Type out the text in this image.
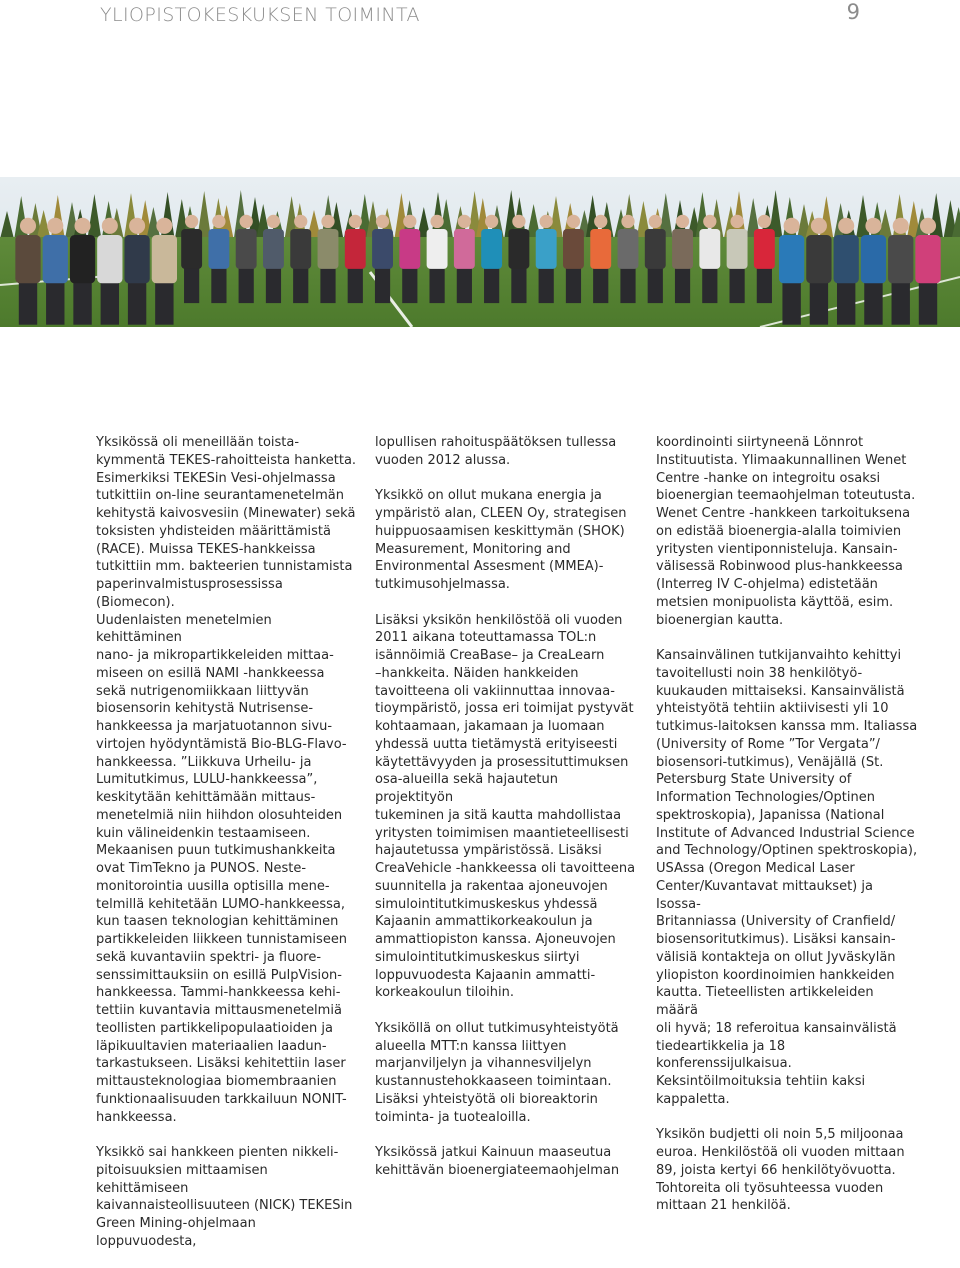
YLIOPISTOKESKUKSEN TOIMINTA	9

Yksikössä oli meneillään toista-
kymmentä TEKES-rahoitteista hanketta.
Esimerkiksi TEKESin Vesi-ohjelmassa
tutkittiin on-line seurantamenetelmän
kehitystä kaivosvesiin (Minewater) sekä
toksisten yhdisteiden määrittämistä
(RACE). Muissa TEKES-hankkeissa
tutkittiin mm. bakteerien tunnistamista
paperinvalmistusprosessissa (Biomecon).
Uudenlaisten menetelmien kehittäminen
nano- ja mikropartikkeleiden mittaa-
miseen on esillä NAMI -hankkeessa
sekä nutrigenomiikkaan liittyvän
biosensorin kehitystä Nutrisense-
hankkeessa ja marjatuotannon sivu-
virtojen hyödyntämistä Bio-BLG-Flavo-
hankkeessa. ”Liikkuva Urheilu- ja
Lumitutkimus, LULU-hankkeessa”,
keskitytään kehittämään mittaus-
menetelmiä niin hiihdon olosuhteiden
kuin välineidenkin testaamiseen.
Mekaanisen puun tutkimushankkeita
ovat TimTekno ja PUNOS. Neste-
monitorointia uusilla optisilla mene-
telmillä kehitetään LUMO-hankkeessa,
kun taasen teknologian kehittäminen
partikkeleiden liikkeen tunnistamiseen
sekä kuvantaviin spektri- ja fluore-
senssimittauksiin on esillä PulpVision-
hankkeessa. Tammi-hankkeessa kehi-
tettiin kuvantavia mittausmenetelmiä
teollisten partikkelipopulaatioiden ja
läpikuultavien materiaalien laadun-
tarkastukseen. Lisäksi kehitettiin laser
mittausteknologiaa biomembraanien
funktionaalisuuden tarkkailuun NONIT-
hankkeessa.

Yksikkö sai hankkeen pienten nikkeli-
pitoisuuksien mittaamisen kehittämiseen
kaivannaisteollisuuteen (NICK) TEKESin
Green Mining-ohjelmaan loppuvuodesta,

lopullisen rahoituspäätöksen tullessa
vuoden 2012 alussa.

Yksikkö on ollut mukana energia ja
ympäristö alan, CLEEN Oy, strategisen
huippuosaamisen keskittymän (SHOK)
Measurement, Monitoring and
Environmental Assesment (MMEA)-
tutkimusohjelmassa.

Lisäksi yksikön henkilöstöä oli vuoden
2011 aikana toteuttamassa TOL:n
isännöimiä CreaBase– ja CreaLearn
–hankkeita. Näiden hankkeiden
tavoitteena oli vakiinnuttaa innovaa-
tioympäristö, jossa eri toimijat pystyvät
kohtaamaan, jakamaan ja luomaan
yhdessä uutta tietämystä erityiseesti
käytettävyyden ja prosessituttimuksen
osa-alueilla sekä hajautetun projektityön
tukeminen ja sitä kautta mahdollistaa
yritysten toimimisen maantieteellisesti
hajautetussa ympäristössä. Lisäksi
CreaVehicle -hankkeessa oli tavoitteena
suunnitella ja rakentaa ajoneuvojen
simulointitutkimuskeskus yhdessä
Kajaanin ammattikorkeakoulun ja
ammattiopiston kanssa. Ajoneuvojen
simulointitutkimuskeskus siirtyi
loppuvuodesta Kajaanin ammatti-
korkeakoulun tiloihin.

Yksiköllä on ollut tutkimusyhteistyötä
alueella MTT:n kanssa liittyen
marjanviljelyn ja vihannesviljelyn
kustannustehokkaaseen toimintaan.
Lisäksi yhteistyötä oli bioreaktorin
toiminta- ja tuotealoilla.

Yksikössä jatkui Kainuun maaseutua
kehittävän bioenergiateemaohjelman

koordinointi siirtyneenä Lönnrot
Instituutista. Ylimaakunnallinen Wenet
Centre -hanke on integroitu osaksi
bioenergian teemaohjelman toteutusta.
Wenet Centre -hankkeen tarkoituksena
on edistää bioenergia-alalla toimivien
yritysten vientiponnisteluja. Kansain-
välisessä Robinwood plus-hankkeessa
(Interreg IV C-ohjelma) edistetään
metsien monipuolista käyttöä, esim.
bioenergian kautta.

Kansainvälinen tutkijanvaihto kehittyi
tavoitellusti noin 38 henkilötyö-
kuukauden mittaiseksi. Kansainvälistä
yhteistyötä tehtiin aktiivisesti yli 10
tutkimus-laitoksen kanssa mm. Italiassa
(University of Rome ”Tor Vergata”/
biosensori-tutkimus), Venäjällä (St.
Petersburg State University of
Information Technologies/Optinen
spektroskopia), Japanissa (National
Institute of Advanced Industrial Science
and Technology/Optinen spektroskopia),
USAssa (Oregon Medical Laser
Center/Kuvantavat mittaukset) ja Isossa-
Britanniassa (University of Cranfield/
biosensoritutkimus). Lisäksi kansain-
välisiä kontakteja on ollut Jyväskylän
yliopiston koordinoimien hankkeiden
kautta. Tieteellisten artikkeleiden määrä
oli hyvä; 18 referoitua kansainvälistä
tiedeartikkelia ja 18 konferenssijulkaisua.
Keksintöilmoituksia tehtiin kaksi
kappaletta.

Yksikön budjetti oli noin 5,5 miljoonaa
euroa. Henkilöstöä oli vuoden mittaan
89, joista kertyi 66 henkilötyövuotta.
Tohtoreita oli työsuhteessa vuoden
mittaan 21 henkilöä.
